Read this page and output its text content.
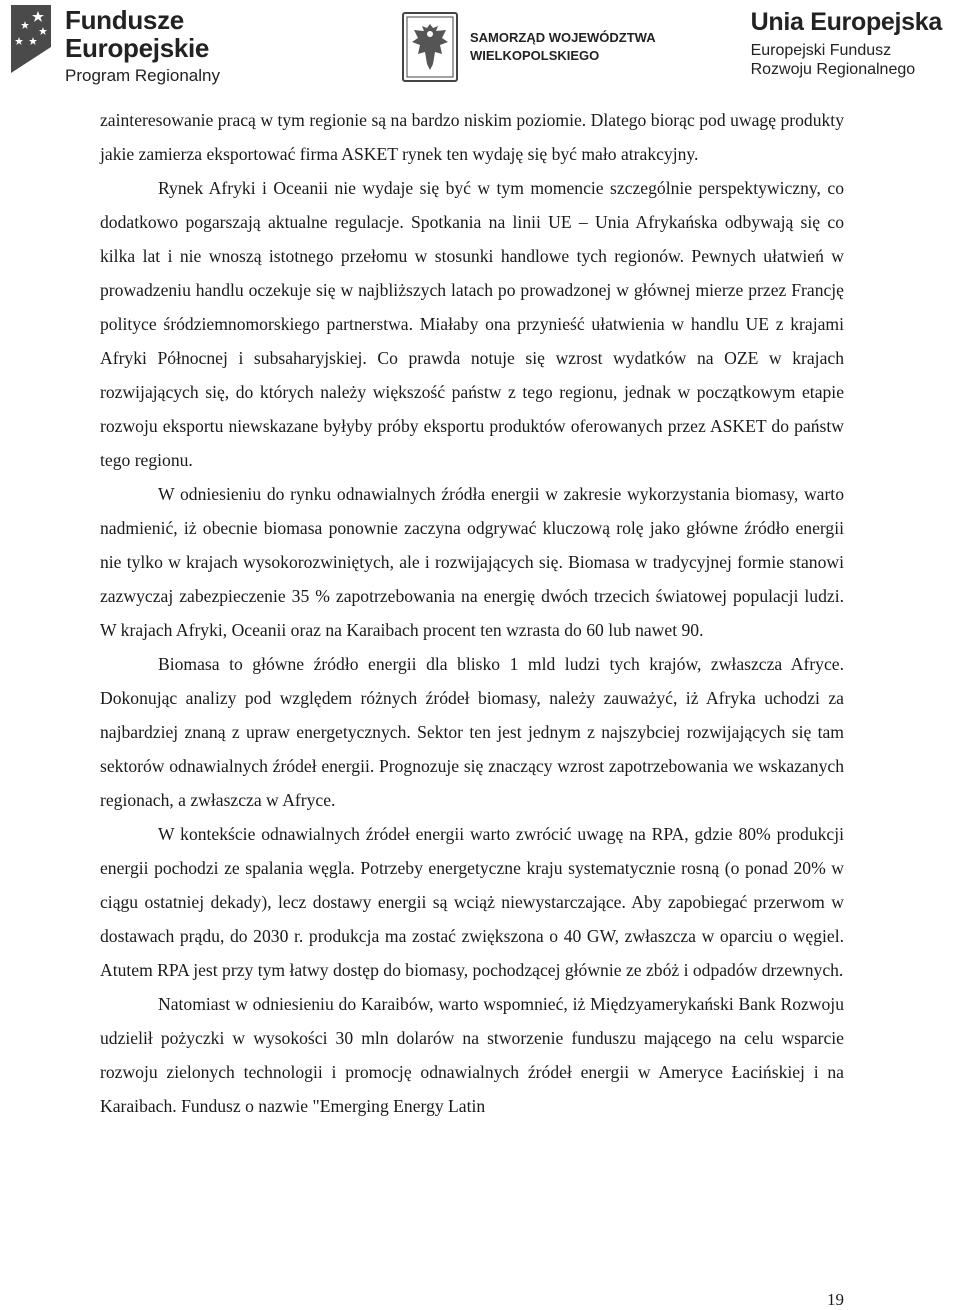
Fundusze
Europejskie
Program Regionalny
SAMORZĄD WOJEWÓDZTWA
WIELKOPOLSKIEGO
Unia Europejska
Europejski Fundusz
Rozwoju Regionalnego

zainteresowanie pracą w tym regionie są na bardzo niskim poziomie. Dlatego biorąc pod uwagę produkty jakie zamierza eksportować firma ASKET rynek ten wydaję się być mało atrakcyjny.

Rynek Afryki i Oceanii nie wydaje się być w tym momencie szczególnie perspektywiczny, co dodatkowo pogarszają aktualne regulacje. Spotkania na linii UE – Unia Afrykańska odbywają się co kilka lat i nie wnoszą istotnego przełomu w stosunki handlowe tych regionów. Pewnych ułatwień w prowadzeniu handlu oczekuje się w najbliższych latach po prowadzonej w głównej mierze przez Francję polityce śródziemnomorskiego partnerstwa. Miałaby ona przynieść ułatwienia w handlu UE z krajami Afryki Północnej i subsaharyjskiej. Co prawda notuje się wzrost wydatków na OZE w krajach rozwijających się, do których należy większość państw z tego regionu, jednak w początkowym etapie rozwoju eksportu niewskazane byłyby próby eksportu produktów oferowanych przez ASKET do państw tego regionu.

W odniesieniu do rynku odnawialnych źródła energii w zakresie wykorzystania biomasy, warto nadmienić, iż obecnie biomasa ponownie zaczyna odgrywać kluczową rolę jako główne źródło energii nie tylko w krajach wysokorozwiniętych, ale i rozwijających się. Biomasa w tradycyjnej formie stanowi zazwyczaj zabezpieczenie 35 % zapotrzebowania na energię dwóch trzecich światowej populacji ludzi. W krajach Afryki, Oceanii oraz na Karaibach procent ten wzrasta do 60 lub nawet 90.

Biomasa to główne źródło energii dla blisko 1 mld ludzi tych krajów, zwłaszcza Afryce. Dokonując analizy pod względem różnych źródeł biomasy, należy zauważyć, iż Afryka uchodzi za najbardziej znaną z upraw energetycznych. Sektor ten jest jednym z najszybciej rozwijających się tam sektorów odnawialnych źródeł energii. Prognozuje się znaczący wzrost zapotrzebowania we wskazanych regionach, a zwłaszcza w Afryce.

W kontekście odnawialnych źródeł energii warto zwrócić uwagę na RPA, gdzie 80% produkcji energii pochodzi ze spalania węgla. Potrzeby energetyczne kraju systematycznie rosną (o ponad 20% w ciągu ostatniej dekady), lecz dostawy energii są wciąż niewystarczające. Aby zapobiegać przerwom w dostawach prądu, do 2030 r. produkcja ma zostać zwiększona o 40 GW, zwłaszcza w oparciu o węgiel. Atutem RPA jest przy tym łatwy dostęp do biomasy, pochodzącej głównie ze zbóż i odpadów drzewnych.

Natomiast w odniesieniu do Karaibów, warto wspomnieć, iż Międzyamerykański Bank Rozwoju udzielił pożyczki w wysokości 30 mln dolarów na stworzenie funduszu mającego na celu wsparcie rozwoju zielonych technologii i promocję odnawialnych źródeł energii w Ameryce Łacińskiej i na Karaibach. Fundusz o nazwie "Emerging Energy Latin

19
